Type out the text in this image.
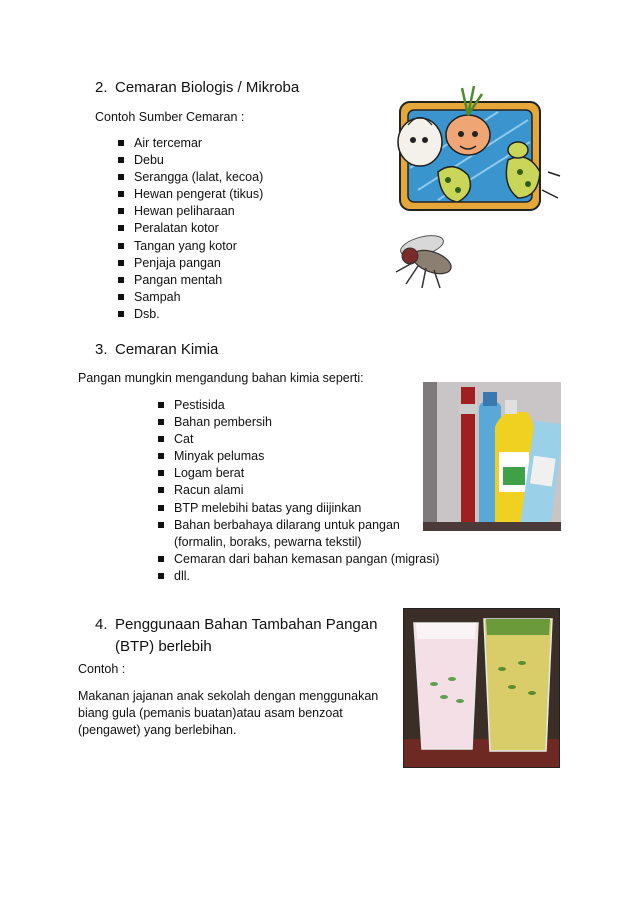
2. Cemaran Biologis / Mikroba
Contoh Sumber Cemaran :
Air tercemar
Debu
Serangga (lalat, kecoa)
Hewan pengerat (tikus)
Hewan peliharaan
Peralatan kotor
Tangan yang kotor
Penjaja pangan
Pangan mentah
Sampah
Dsb.
3. Cemaran Kimia
Pangan mungkin mengandung bahan kimia seperti:
Pestisida
Bahan pembersih
Cat
Minyak pelumas
Logam berat
Racun alami
BTP melebihi batas yang diijinkan
Bahan berbahaya dilarang untuk pangan
(formalin, boraks, pewarna tekstil)
Cemaran dari bahan kemasan pangan (migrasi)
dll.
4. Penggunaan Bahan Tambahan Pangan
(BTP) berlebih
Contoh :
Makanan jajanan anak sekolah dengan menggunakan
biang gula (pemanis buatan)atau asam benzoat
(pengawet) yang berlebihan.
